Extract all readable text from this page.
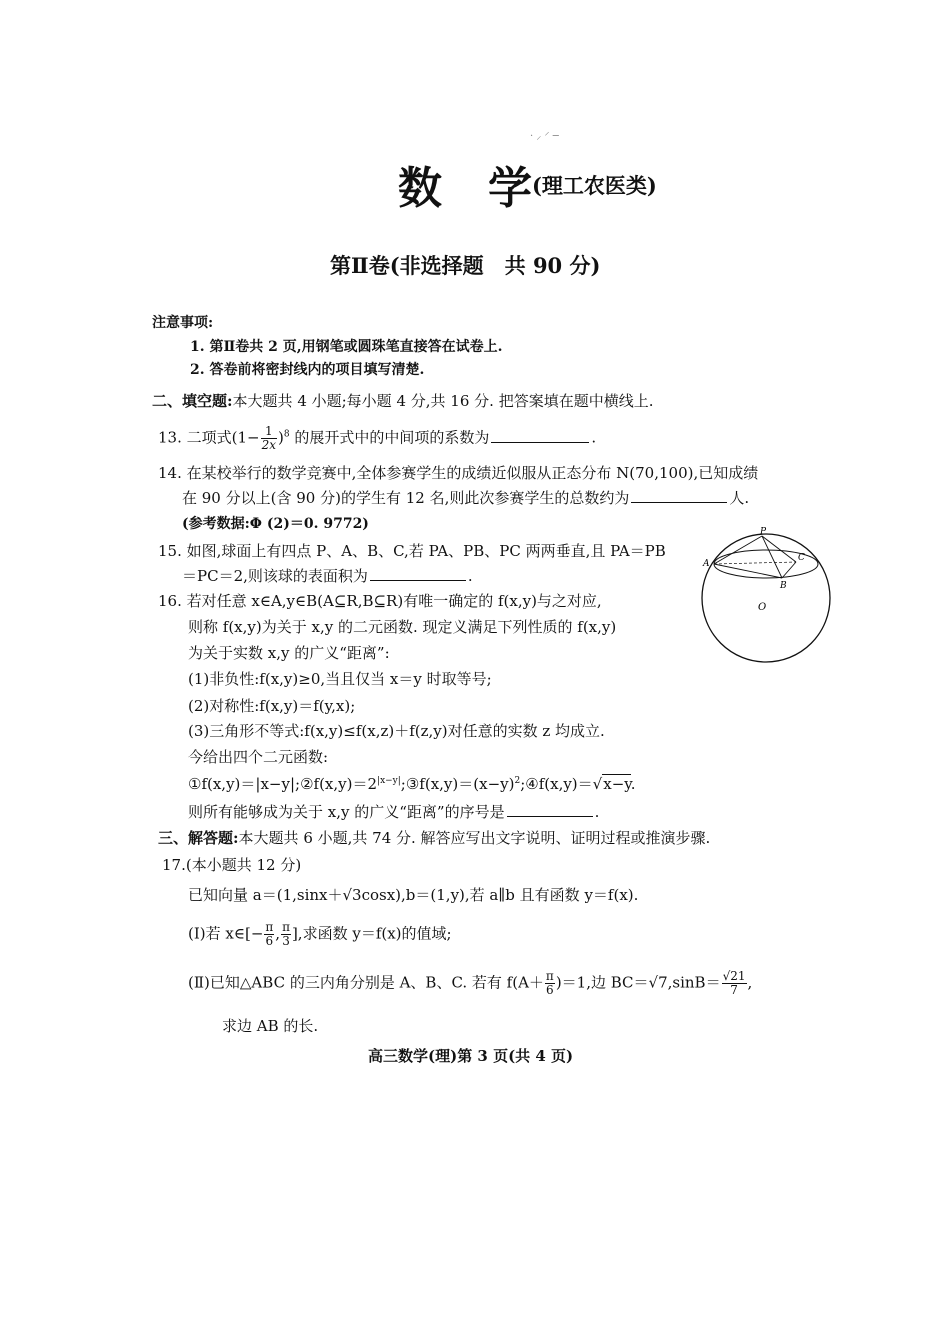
· ⸝ ⸍ ─
数 学
(理工农医类)
第Ⅱ卷(非选择题　共 90 分)
注意事项:
1. 第Ⅱ卷共 2 页,用钢笔或圆珠笔直接答在试卷上.
2. 答卷前将密封线内的项目填写清楚.
二、填空题:本大题共 4 小题;每小题 4 分,共 16 分. 把答案填在题中横线上.
13. 二项式$(1- \frac{1}{2x} )^8$ 的展开式中的中间项的系数为	.
14. 在某校举行的数学竞赛中,全体参赛学生的成绩近似服从正态分布 N(70,100),已知成绩
在 90 分以上(含 90 分)的学生有 12 名,则此次参赛学生的总数约为	人.
(参考数据:Φ (2)＝0. 9772)
15. 如图,球面上有四点 P、A、B、C,若 PA、PB、PC 两两垂直,且 PA＝PB
＝PC＝2,则该球的表面积为	.
P
A
B
C
O
16. 若对任意 x∈A,y∈B(A⊆R,B⊆R)有唯一确定的 f(x,y)与之对应,
则称 f(x,y)为关于 x,y 的二元函数. 现定义满足下列性质的 f(x,y)
为关于实数 x,y 的广义“距离”:
(1)非负性:f(x,y)≥0,当且仅当 x＝y 时取等号;
(2)对称性:f(x,y)＝f(y,x);
(3)三角形不等式:f(x,y)≤f(x,z)＋f(z,y)对任意的实数 z 均成立.
今给出四个二元函数:
$①f(x,y)=|x-y|;②f(x,y)=2^{|x-y|};③f(x,y)=(x-y)^2;④f(x,y)=√x-y$.
则所有能够成为关于 x,y 的广义“距离”的序号是	.
三、解答题:本大题共 6 小题,共 74 分. 解答应写出文字说明、证明过程或推演步骤.
17.(本小题共 12 分)
已知向量 a＝(1,sinx＋√3cosx),b＝(1,y),若 a∥b 且有函数 y＝f(x).
(Ⅰ)若 x∈[− $\frac{\pi}{6}$ , $\frac{\pi}{3}$ ],求函数 y＝f(x)的值域;
(Ⅱ)已知△ABC 的三内角分别是 A、B、C. 若有 $f(A+ \frac{\pi}{6} )=1$,边 $BC=√7,\sin B= \frac{√21}{7}$ ,
求边 AB 的长.
高三数学(理)第 3 页(共 4 页)
